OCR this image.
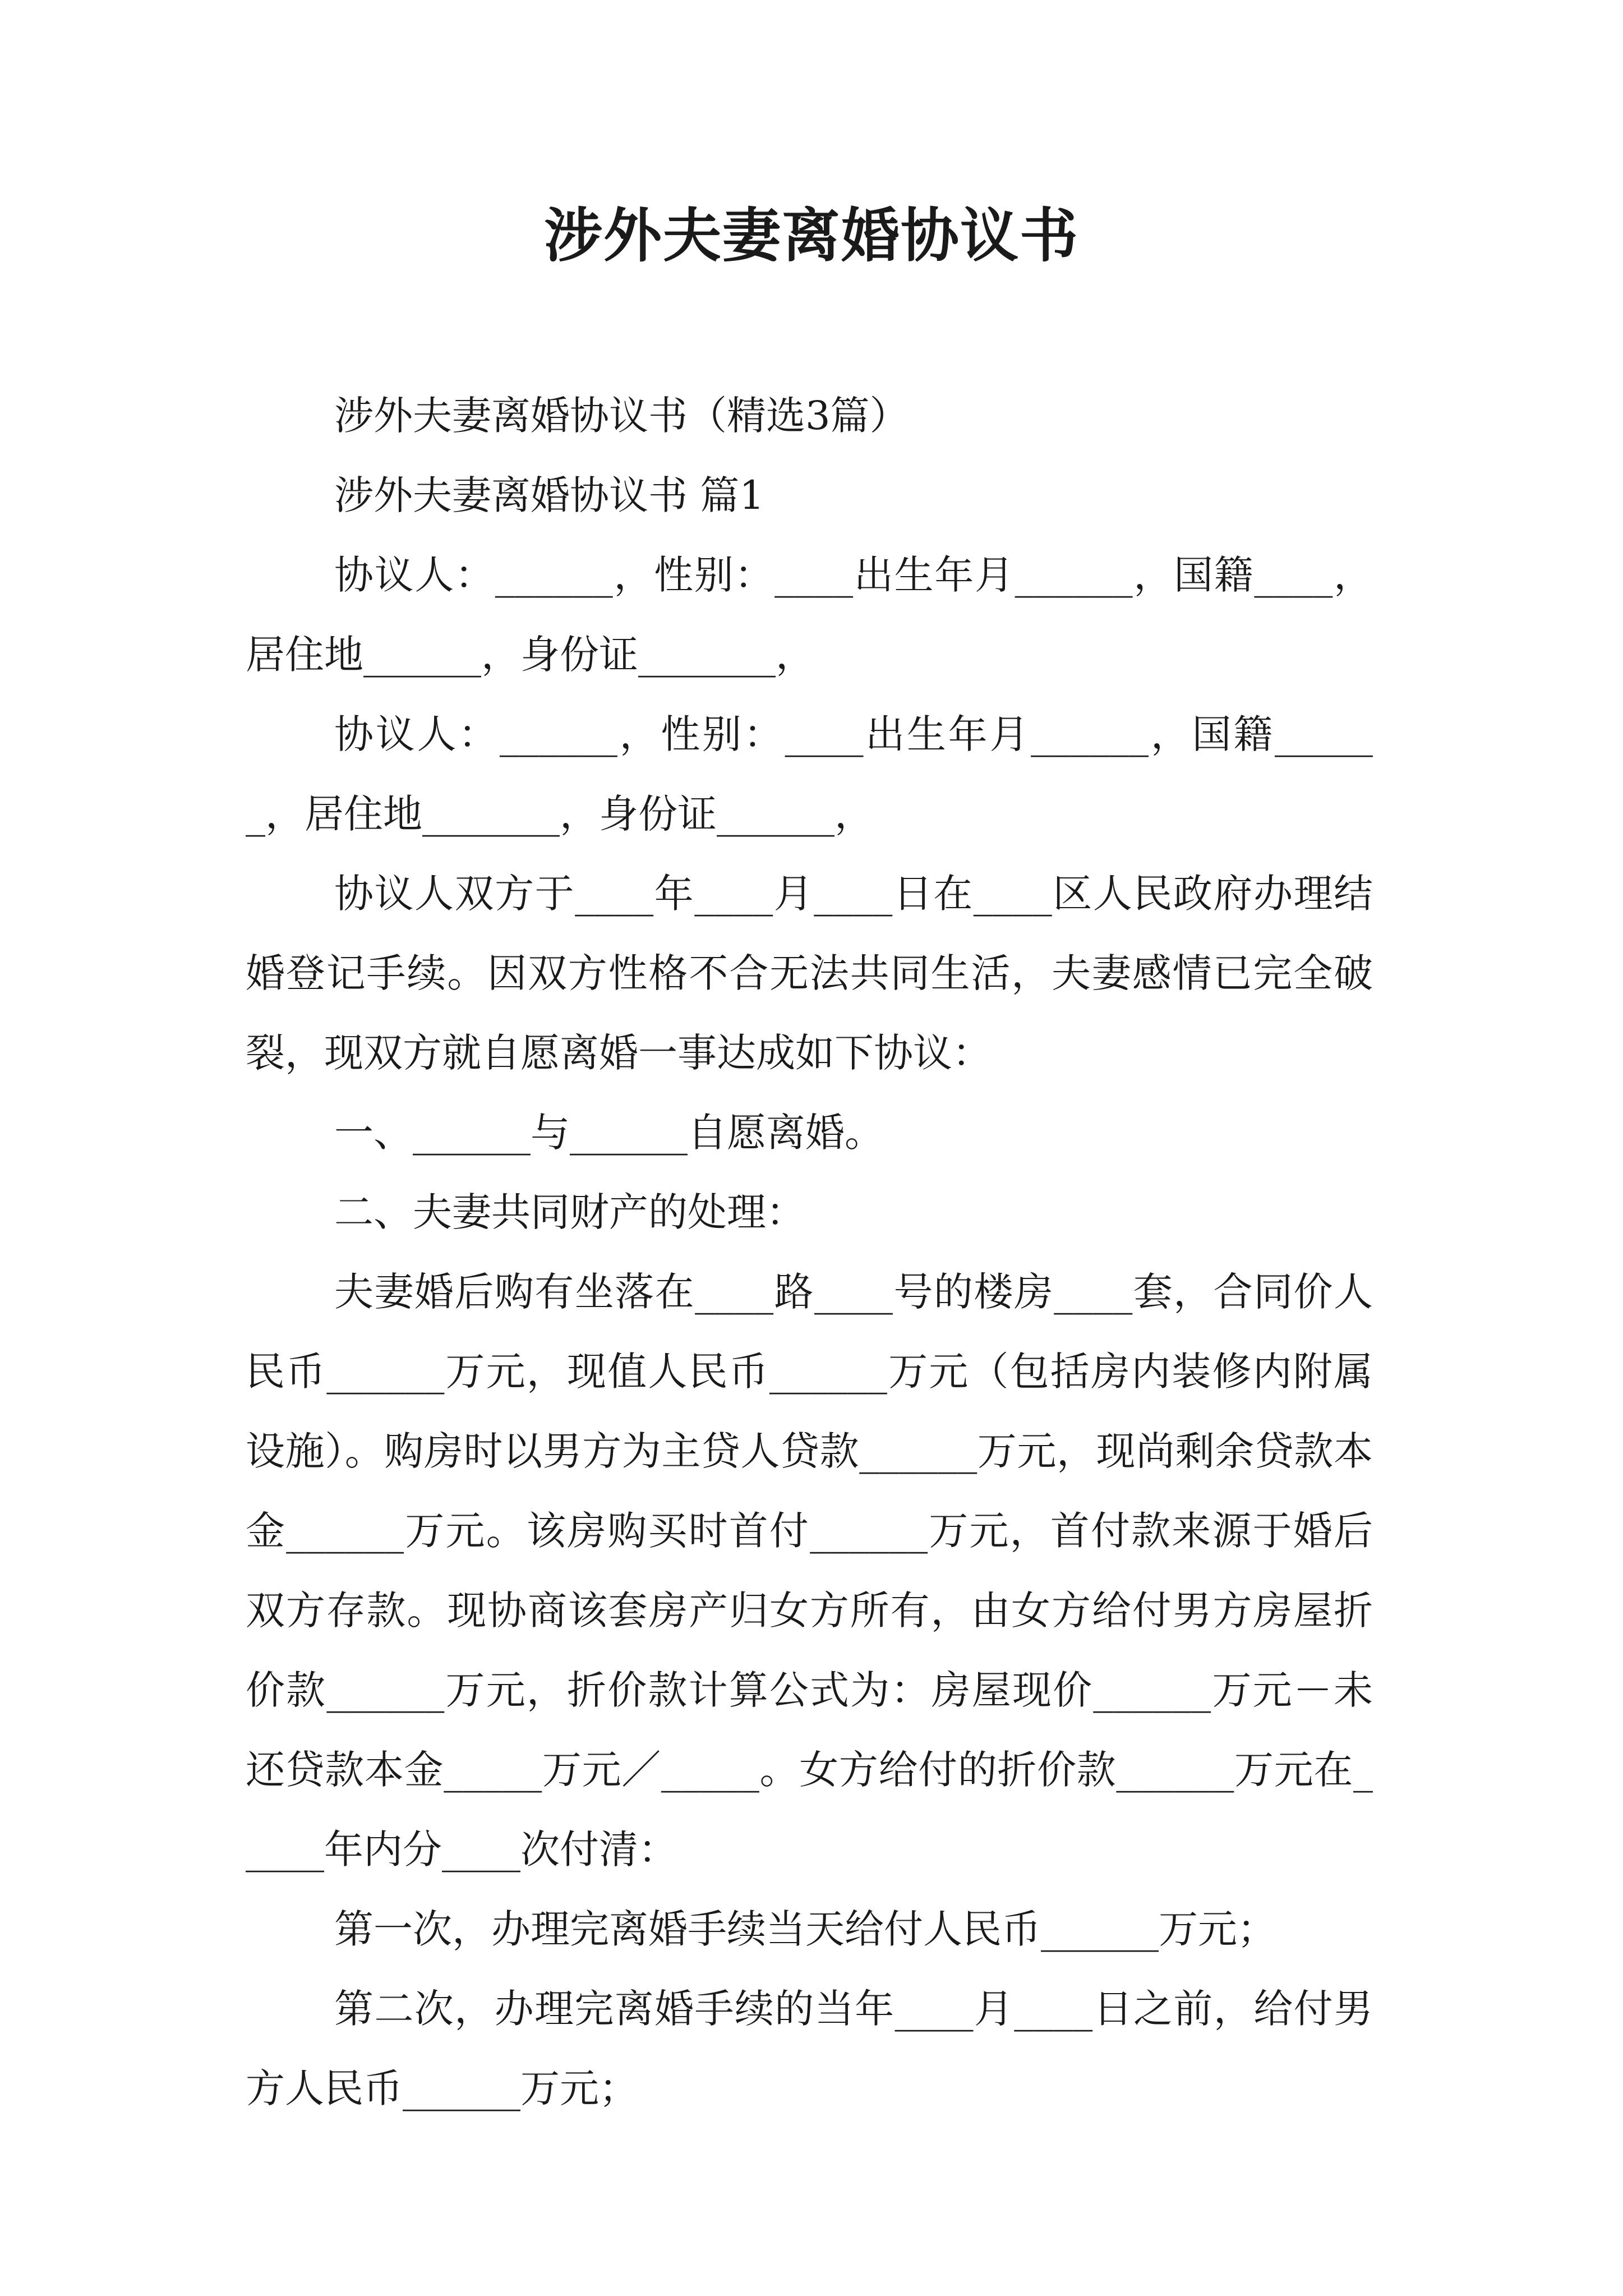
涉外夫妻离婚协议书

涉外夫妻离婚协议书（精选3篇）

涉外夫妻离婚协议书 篇1

协议人：______，性别：____出生年月______，国籍____，居住地______，身份证_______，

协议人：______，性别：____出生年月______，国籍______，居住地_______，身份证______，

协议人双方于____年____月____日在____区人民政府办理结婚登记手续。因双方性格不合无法共同生活，夫妻感情已完全破裂，现双方就自愿离婚一事达成如下协议：

一、______与______自愿离婚。

二、夫妻共同财产的处理：

夫妻婚后购有坐落在____路____号的楼房____套，合同价人民币______万元，现值人民币______万元（包括房内装修内附属设施）。购房时以男方为主贷人贷款______万元，现尚剩余贷款本金______万元。该房购买时首付______万元，首付款来源于婚后双方存款。现协商该套房产归女方所有，由女方给付男方房屋折价款______万元，折价款计算公式为：房屋现价______万元－未还贷款本金_____万元／_____。女方给付的折价款______万元在_____年内分____次付清：

第一次，办理完离婚手续当天给付人民币______万元；

第二次，办理完离婚手续的当年____月____日之前，给付男方人民币______万元；
